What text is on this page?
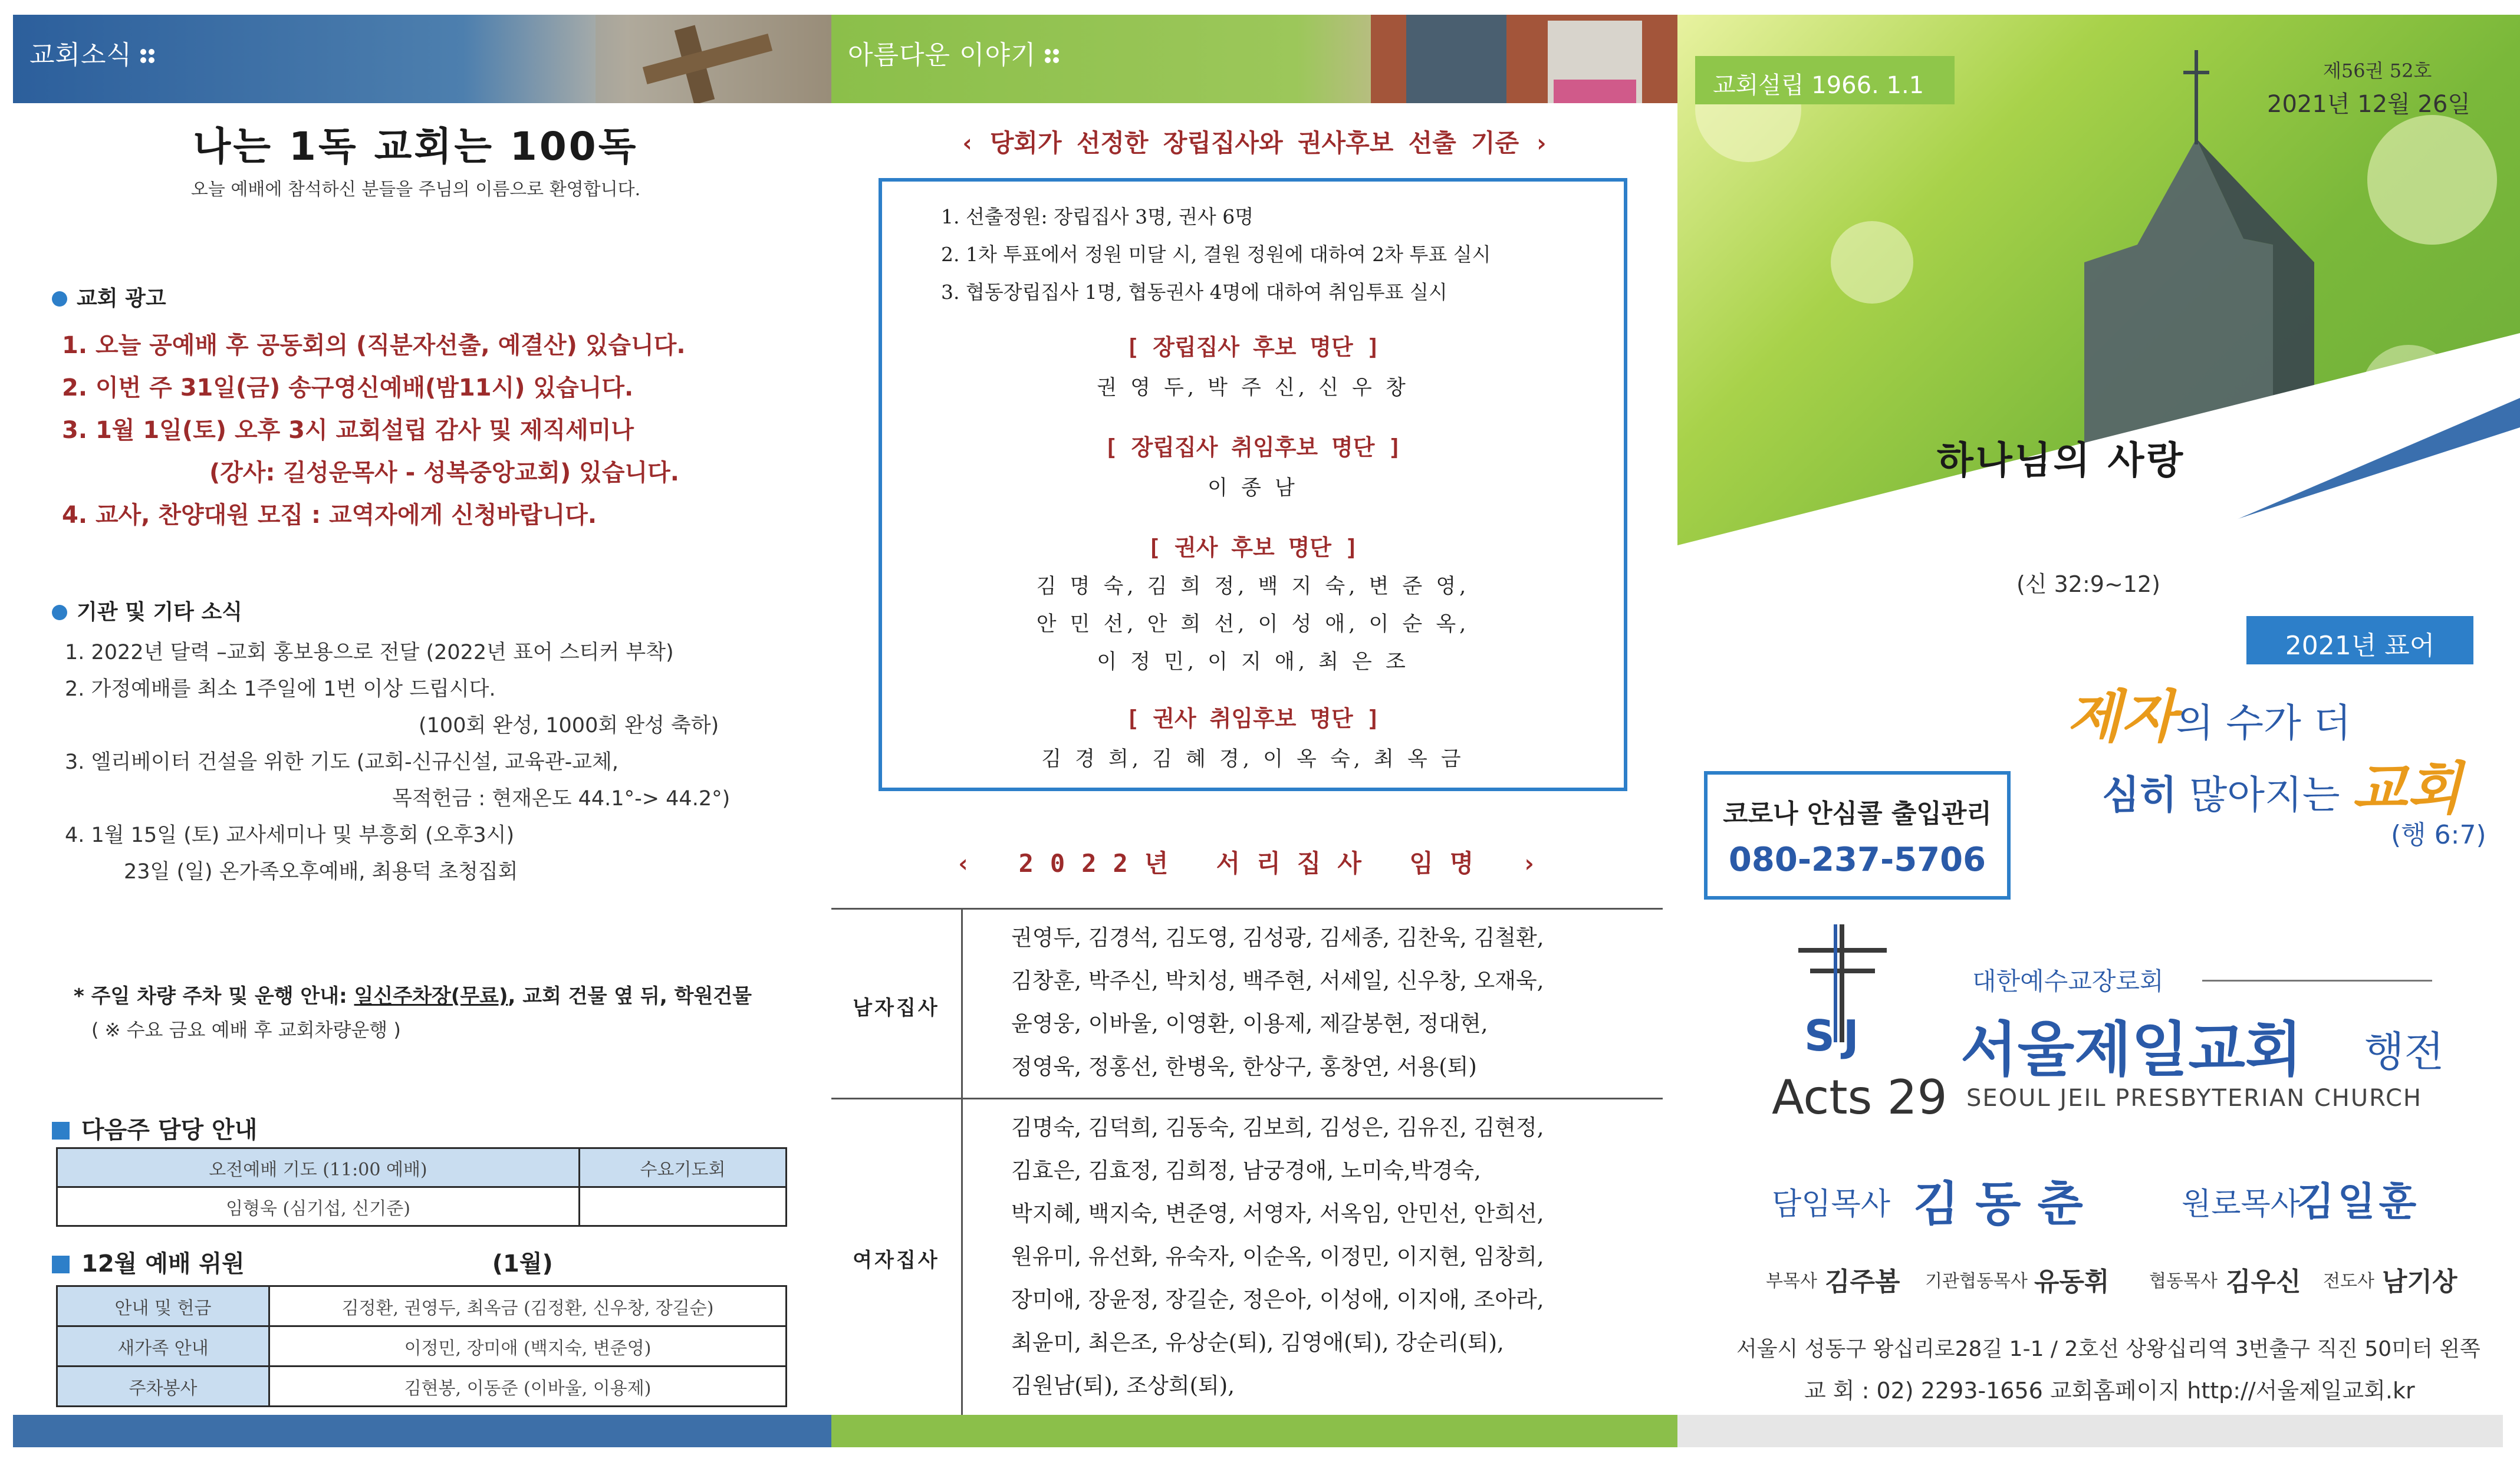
교회소식
나는 1독 교회는 100독
오늘 예배에 참석하신 분들을 주님의 이름으로 환영합니다.
교회 광고
1. 오늘 공예배 후 공동회의 (직분자선출, 예결산) 있습니다.
2. 이번 주 31일(금) 송구영신예배(밤11시) 있습니다.
3. 1월 1일(토) 오후 3시 교회설립 감사 및 제직세미나
(강사: 길성운목사 - 성복중앙교회) 있습니다.
4. 교사, 찬양대원 모집 : 교역자에게 신청바랍니다.
기관 및 기타 소식
1. 2022년 달력 –교회 홍보용으로 전달 (2022년 표어 스티커 부착)
2. 가정예배를 최소 1주일에 1번 이상 드립시다.
(100회 완성, 1000회 완성 축하)
3. 엘리베이터 건설을 위한 기도 (교회-신규신설, 교육관-교체,
목적헌금 : 현재온도 44.1°-> 44.2°)
4. 1월 15일 (토) 교사세미나 및 부흥회 (오후3시)
23일 (일) 온가족오후예배, 최용덕 초청집회
* 주일 차량 주차 및 운행 안내: 일신주차장(무료), 교회 건물 옆 뒤, 학원건물
( ※ 수요 금요 예배 후 교회차량운행 )
다음주 담당 안내
오전예배 기도 (11:00 예배)	수요기도회
임형욱 (심기섭, 신기준)	
12월 예배 위원	(1월)
안내 및 헌금	김정환, 권영두, 최옥금 (김정환, 신우창, 장길순)
새가족 안내	이정민, 장미애 (백지숙, 변준영)
주차봉사	김현봉, 이동준 (이바울, 이용제)
아름다운 이야기
‹ 당회가 선정한 장립집사와 권사후보 선출 기준 ›
1. 선출정원: 장립집사 3명, 권사 6명
2. 1차 투표에서 정원 미달 시, 결원 정원에 대하여 2차 투표 실시
3. 협동장립집사 1명, 협동권사 4명에 대하여 취임투표 실시
[ 장립집사 후보 명단 ]
권 영 두, 박 주 신, 신 우 창
[ 장립집사 취임후보 명단 ]
이 종 남
[ 권사 후보 명단 ]
김 명 숙, 김 희 정, 백 지 숙, 변 준 영,
안 민 선, 안 희 선, 이 성 애, 이 순 옥,
이 정 민, 이 지 애, 최 은 조
[ 권사 취임후보 명단 ]
김 경 희, 김 혜 경, 이 옥 숙, 최 옥 금
‹ 2022년 서리집사 임명 ›
남자집사
권영두, 김경석, 김도영, 김성광, 김세종, 김찬욱, 김철환,
김창훈, 박주신, 박치성, 백주현, 서세일, 신우창, 오재욱,
윤영웅, 이바울, 이영환, 이용제, 제갈봉현, 정대현,
정영욱, 정홍선, 한병욱, 한상구, 홍창연, 서용(퇴)
여자집사
김명숙, 김덕희, 김동숙, 김보희, 김성은, 김유진, 김현정,
김효은, 김효정, 김희정, 남궁경애, 노미숙,박경숙,
박지혜, 백지숙, 변준영, 서영자, 서옥임, 안민선, 안희선,
원유미, 유선화, 유숙자, 이순옥, 이정민, 이지현, 임창희,
장미애, 장윤정, 장길순, 정은아, 이성애, 이지애, 조아라,
최윤미, 최은조, 유상순(퇴), 김영애(퇴), 강순리(퇴),
김원남(퇴), 조상희(퇴),
교회설립 1966. 1.1
제56권 52호
2021년 12월 26일
하나님의 사랑
(신 32:9~12)
2021년 표어
제자의 수가 더
심히 많아지는 교회
(행 6:7)
코로나 안심콜 출입관리
080-237-5706
SJ
Acts 29
대한예수교장로회
서울제일교회 행전
SEOUL JEIL PRESBYTERIAN CHURCH
담임목사 김동춘	원로목사
김일훈
부목사 김주봄 기관협동목사 유동휘 협동목사 김우신 전도사 남기상
서울시 성동구 왕십리로28길 1-1 / 2호선 상왕십리역 3번출구 직진 50미터 왼쪽
교 회 : 02) 2293-1656 교회홈페이지 http://서울제일교회.kr
